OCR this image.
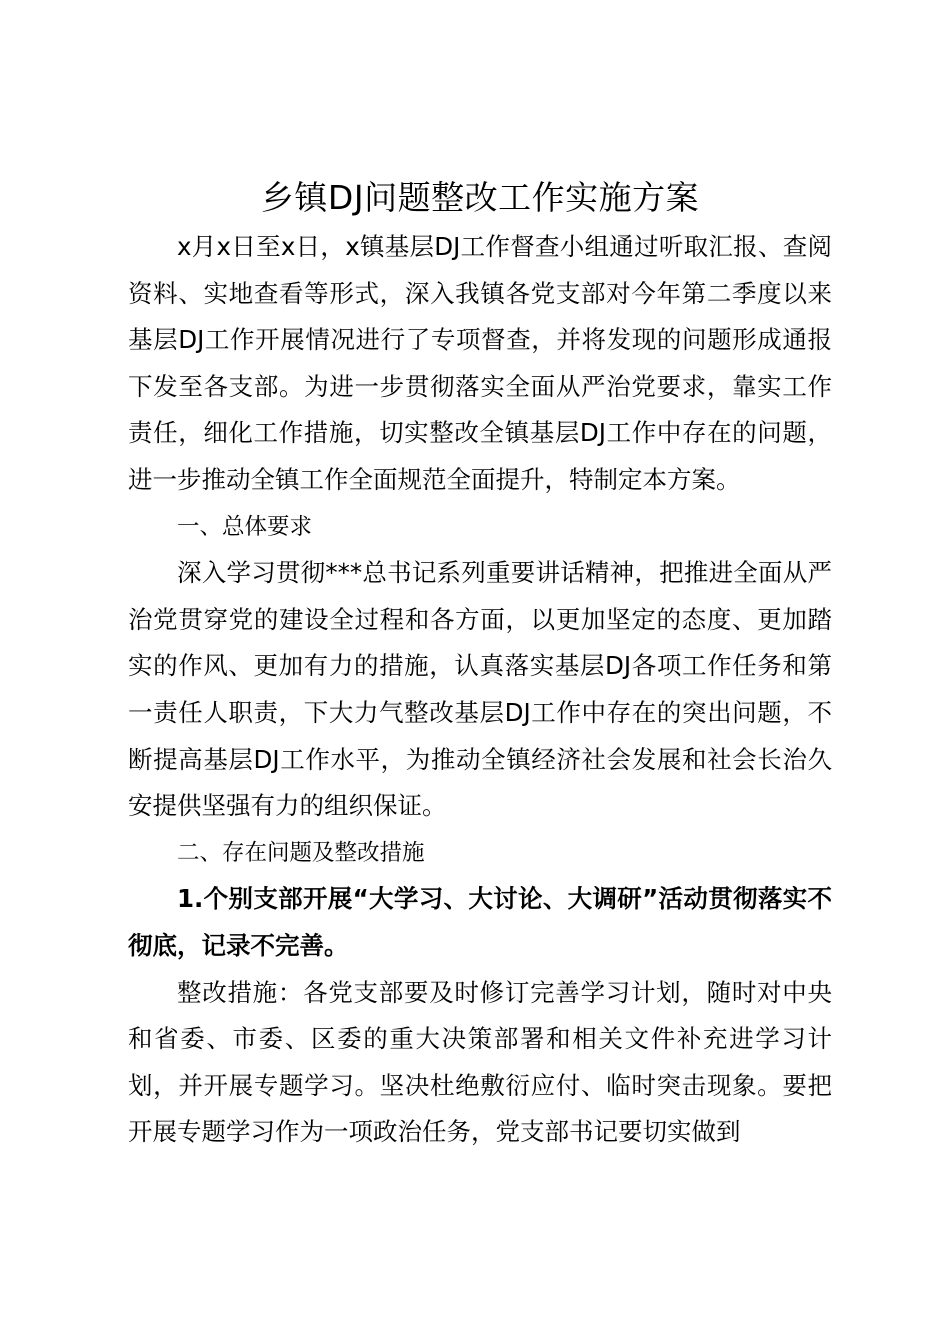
乡镇DJ问题整改工作实施方案

x月x日至x日，x镇基层DJ工作督查小组通过听取汇报、查阅资料、实地查看等形式，深入我镇各党支部对今年第二季度以来基层DJ工作开展情况进行了专项督查，并将发现的问题形成通报下发至各支部。为进一步贯彻落实全面从严治党要求，靠实工作责任，细化工作措施，切实整改全镇基层DJ工作中存在的问题，进一步推动全镇工作全面规范全面提升，特制定本方案。

一、总体要求

深入学习贯彻***总书记系列重要讲话精神，把推进全面从严治党贯穿党的建设全过程和各方面，以更加坚定的态度、更加踏实的作风、更加有力的措施，认真落实基层DJ各项工作任务和第一责任人职责，下大力气整改基层DJ工作中存在的突出问题，不断提高基层DJ工作水平，为推动全镇经济社会发展和社会长治久安提供坚强有力的组织保证。

二、存在问题及整改措施

1.个别支部开展“大学习、大讨论、大调研”活动贯彻落实不彻底，记录不完善。

整改措施：各党支部要及时修订完善学习计划，随时对中央和省委、市委、区委的重大决策部署和相关文件补充进学习计划，并开展专题学习。坚决杜绝敷衍应付、临时突击现象。要把开展专题学习作为一项政治任务，党支部书记要切实做到
